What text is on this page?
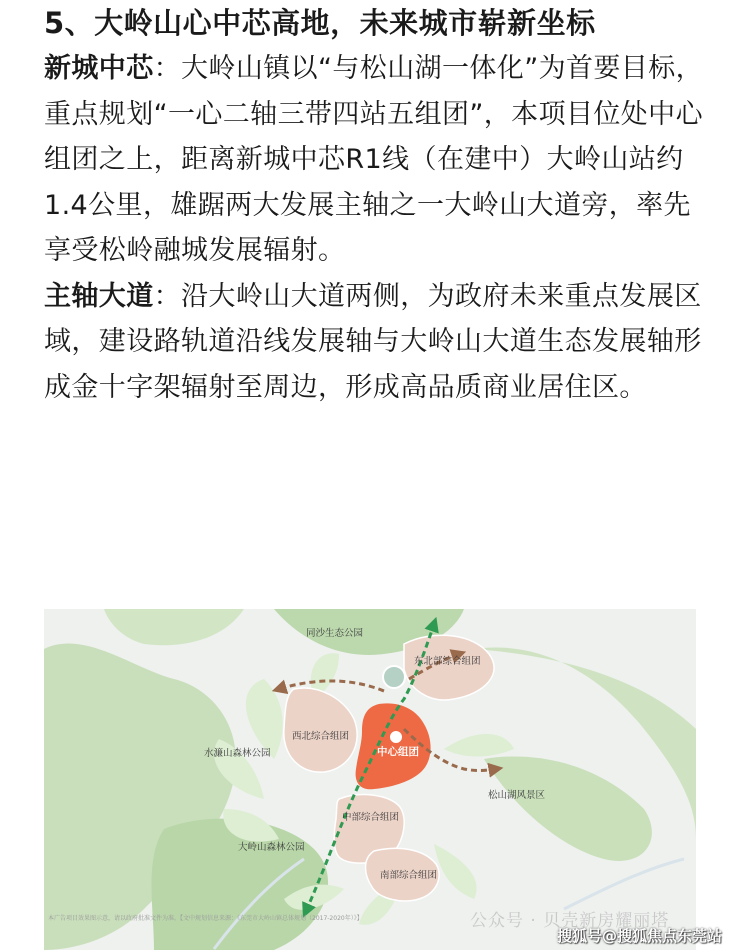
5、大岭山心中芯高地，未来城市崭新坐标

新城中芯：大岭山镇以“与松山湖一体化”为首要目标，重点规划“一心二轴三带四站五组团”，本项目位处中心组团之上，距离新城中芯R1线（在建中）大岭山站约1.4公里，雄踞两大发展主轴之一大岭山大道旁，率先享受松岭融城发展辐射。

主轴大道：沿大岭山大道两侧，为政府未来重点发展区域，建设路轨道沿线发展轴与大岭山大道生态发展轴形成金十字架辐射至周边，形成高品质商业居住区。

同沙生态公园
东北部综合组团
西北综合组团
中心组团
水濂山森林公园
松山湖风景区
中部综合组团
大岭山森林公园
南部综合组团
本广告项目效果图示意，请以政府批准文件为准。【文中规划信息来源：《东莞市大岭山镇总体规划（2017-2020年）》】	公众号 · 贝壳新房耀丽塔
搜狐号@搜狐焦点东莞站
